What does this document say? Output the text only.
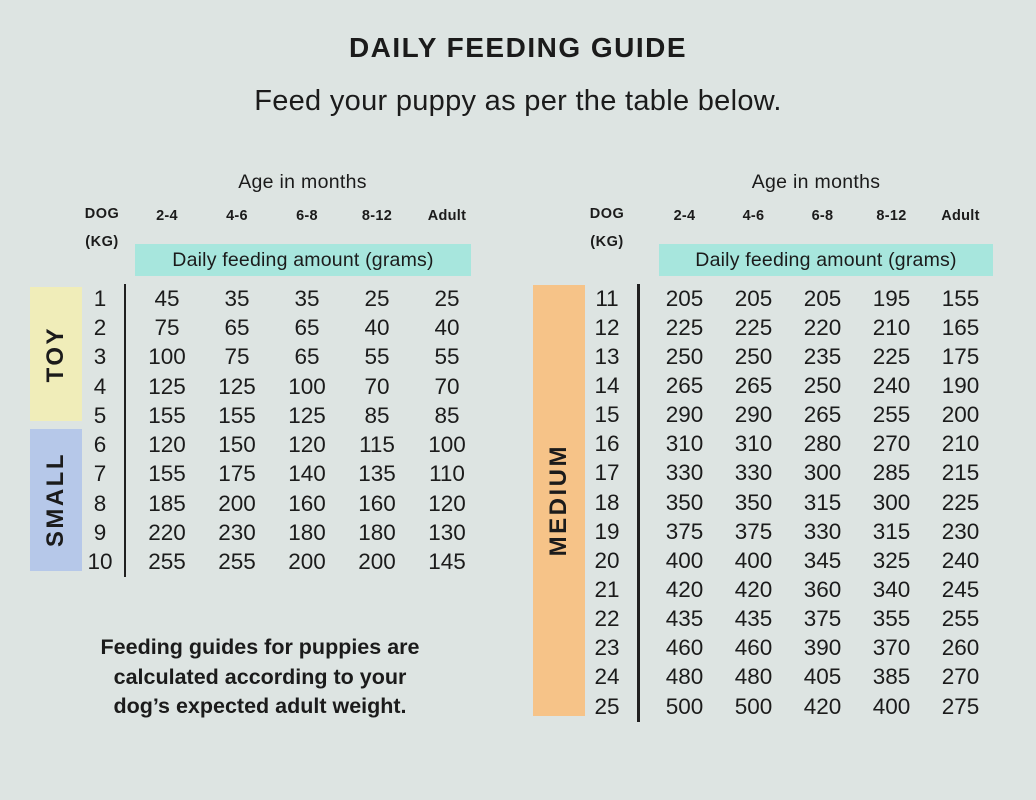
DAILY FEEDING GUIDE
Feed your puppy as per the table below.
Age in months
DOG
(KG)
2-4	4-6	6-8	8-12	Adult
Daily feeding amount (grams)
1	45	35	35	25	25
2	75	65	65	40	40
3	100	75	65	55	55
4	125	125	100	70	70
5	155	155	125	85	85
6	120	150	120	115	100
7	155	175	140	135	110
8	185	200	160	160	120
9	220	230	180	180	130
10	255	255	200	200	145
Age in months
DOG
(KG)
2-4	4-6	6-8	8-12	Adult
Daily feeding amount (grams)
11	205	205	205	195	155
12	225	225	220	210	165
13	250	250	235	225	175
14	265	265	250	240	190
15	290	290	265	255	200
16	310	310	280	270	210
17	330	330	300	285	215
18	350	350	315	300	225
19	375	375	330	315	230
20	400	400	345	325	240
21	420	420	360	340	245
22	435	435	375	355	255
23	460	460	390	370	260
24	480	480	405	385	270
25	500	500	420	400	275
TOY
SMALL	MEDIUM
Feeding guides for puppies are
calculated according to your
dog’s expected adult weight.
